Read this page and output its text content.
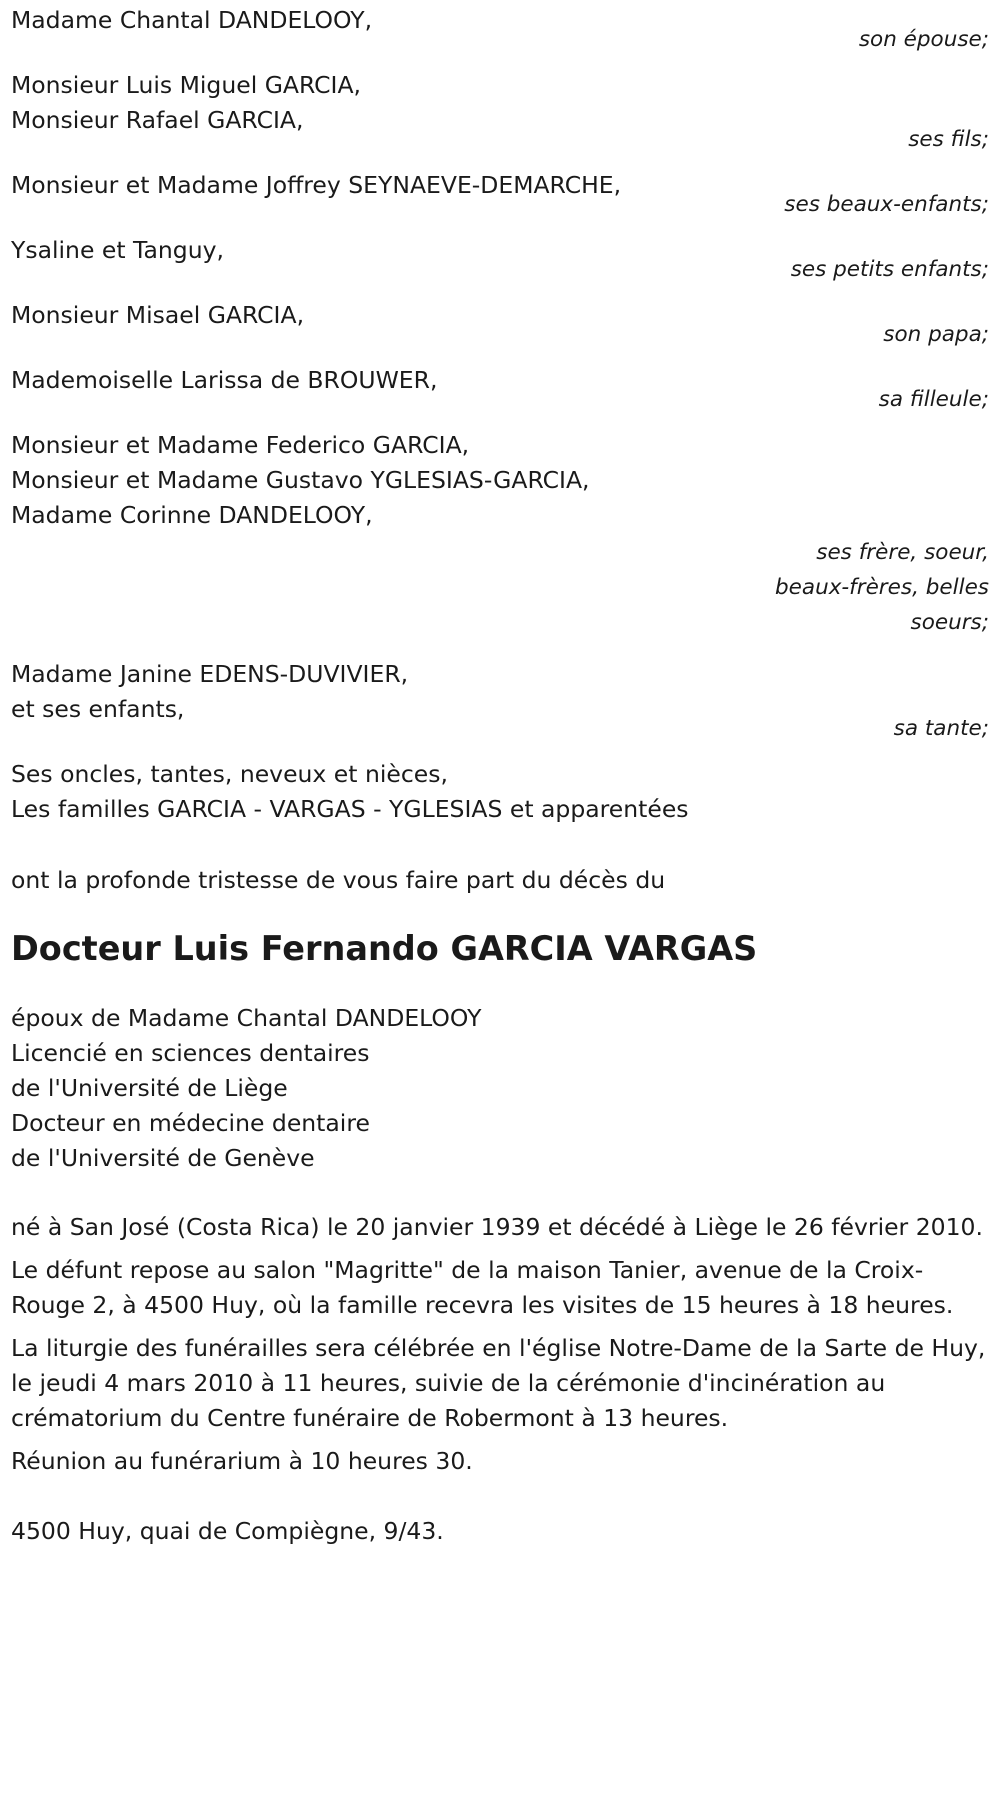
Madame Chantal DANDELOOY,
son épouse;
Monsieur Luis Miguel GARCIA,
Monsieur Rafael GARCIA,
ses fils;
Monsieur et Madame Joffrey SEYNAEVE-DEMARCHE,
ses beaux-enfants;
Ysaline et Tanguy,
ses petits enfants;
Monsieur Misael GARCIA,
son papa;
Mademoiselle Larissa de BROUWER,
sa filleule;
Monsieur et Madame Federico GARCIA,
Monsieur et Madame Gustavo YGLESIAS-GARCIA,
Madame Corinne DANDELOOY,
ses frère, soeur,
beaux-frères, belles
soeurs;
Madame Janine EDENS-DUVIVIER,
et ses enfants,
sa tante;
Ses oncles, tantes, neveux et nièces,
Les familles GARCIA - VARGAS - YGLESIAS et apparentées
ont la profonde tristesse de vous faire part du décès du
Docteur Luis Fernando GARCIA VARGAS
époux de Madame Chantal DANDELOOY
Licencié en sciences dentaires
de l'Université de Liège
Docteur en médecine dentaire
de l'Université de Genève
né à San José (Costa Rica) le 20 janvier 1939 et décédé à Liège le 26 février 2010.
Le défunt repose au salon "Magritte" de la maison Tanier, avenue de la Croix-Rouge 2, à 4500 Huy, où la famille recevra les visites de 15 heures à 18 heures.
La liturgie des funérailles sera célébrée en l'église Notre-Dame de la Sarte de Huy, le jeudi 4 mars 2010 à 11 heures, suivie de la cérémonie d'incinération au crématorium du Centre funéraire de Robermont à 13 heures.
Réunion au funérarium à 10 heures 30.
4500 Huy, quai de Compiègne, 9/43.
